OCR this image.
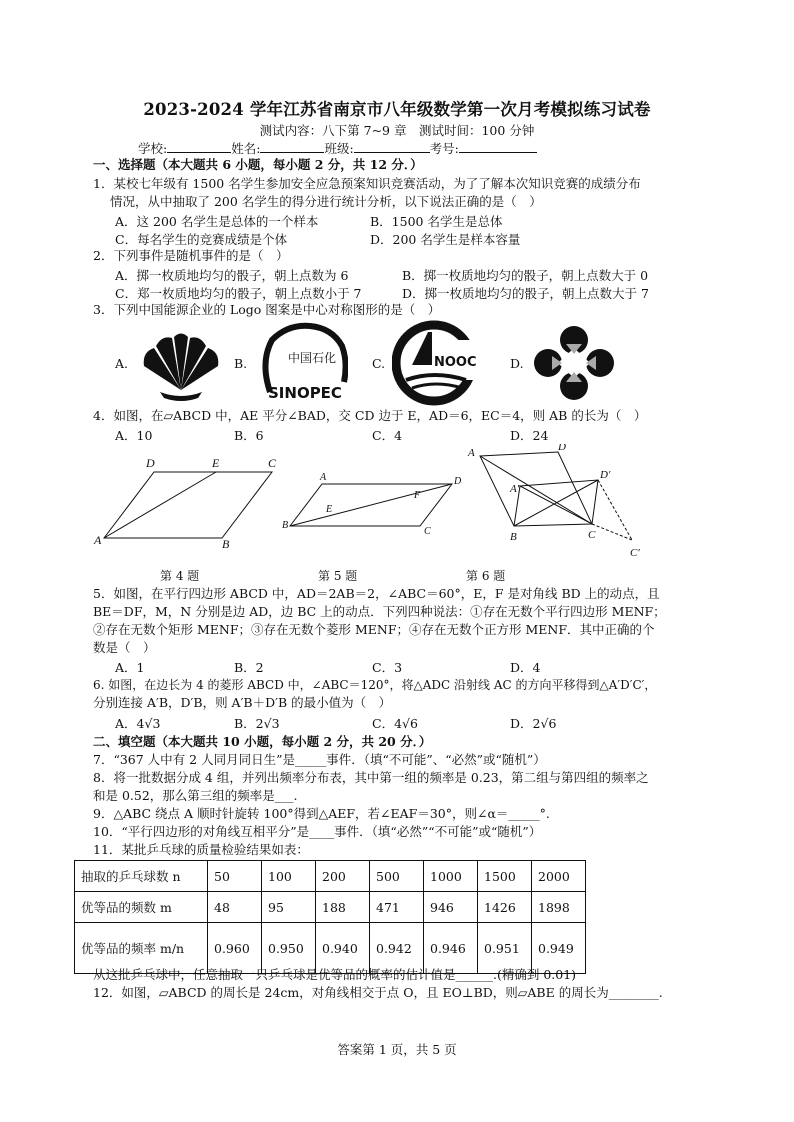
2023-2024 学年江苏省南京市八年级数学第一次月考模拟练习试卷
测试内容：八下第 7~9 章　测试时间：100 分钟
学校:	姓名:	班级:	考号:
一、选择题（本大题共 6 小题，每小题 2 分，共 12 分．）
1．某校七年级有 1500 名学生参加安全应急预案知识竞赛活动，为了了解本次知识竞赛的成绩分布
情况，从中抽取了 200 名学生的得分进行统计分析，以下说法正确的是（　）
A．这 200 名学生是总体的一个样本	B．1500 名学生是总体
C．每名学生的竞赛成绩是个体	D．200 名学生是样本容量
2．下列事件是随机事件的是（　）
A．掷一枚质地均匀的骰子，朝上点数为 6	B．掷一枚质地均匀的骰子，朝上点数大于 0
C．郑一枚质地均匀的骰子，朝上点数小于 7	D．掷一枚质地均匀的骰子，朝上点数大于 7
3．下列中国能源企业的 Logo 图案是中心对称图形的是（　）
A.	B.	C.	D.
中国石化
SINOPEC
NOOC
4．如图，在▱ABCD 中，AE 平分∠BAD，交 CD 边于 E，AD＝6，EC＝4，则 AB 的长为（　）
A．10	B．6	C．4	D．24
A
D	E	C
B
A	D
B
C
E
F
A	D
A′
D′
B	C
C′
第 4 题	第 5 题	第 6 题
5．如图，在平行四边形 ABCD 中，AD＝2AB＝2，∠ABC＝60°，E，F 是对角线 BD 上的动点，且
BE＝DF，M，N 分别是边 AD，边 BC 上的动点．下列四种说法：①存在无数个平行四边形 MENF；
②存在无数个矩形 MENF；③存在无数个菱形 MENF；④存在无数个正方形 MENF．其中正确的个
数是（　）
A．1	B．2	C．3	D．4
6. 如图，在边长为 4 的菱形 ABCD 中，∠ABC＝120°，将△ADC 沿射线 AC 的方向平移得到△A′D′C′，
分别连接 A′B，D′B，则 A′B＋D′B 的最小值为（　）
A．4√3	B．2√3	C．4√6	D．2√6
二、填空题（本大题共 10 小题，每小题 2 分，共 20 分．）
7．“367 人中有 2 人同月同日生”是_____事件．（填“不可能”、“必然”或“随机”）
8．将一批数据分成 4 组，并列出频率分布表，其中第一组的频率是 0.23，第二组与第四组的频率之
和是 0.52，那么第三组的频率是___.
9．△ABC 绕点 A 顺时针旋转 100°得到△AEF，若∠EAF＝30°，则∠α＝_____°.
10．“平行四边形的对角线互相平分”是____事件．（填“必然”“不可能”或“随机”）
11．某批乒乓球的质量检验结果如表：
抽取的乒乓球数 n	50	100	200	500	1000	1500	2000
优等品的频数 m	48	95	188	471	946	1426	1898
优等品的频率 m/n	0.960	0.950	0.940	0.942	0.946	0.951	0.949
从这批乒乓球中，任意抽取一只乒乓球是优等品的概率的估计值是______.(精确到 0.01)
12．如图，▱ABCD 的周长是 24cm，对角线相交于点 O，且 EO⊥BD，则▱ABE 的周长为________.
答案第 1 页，共 5 页
